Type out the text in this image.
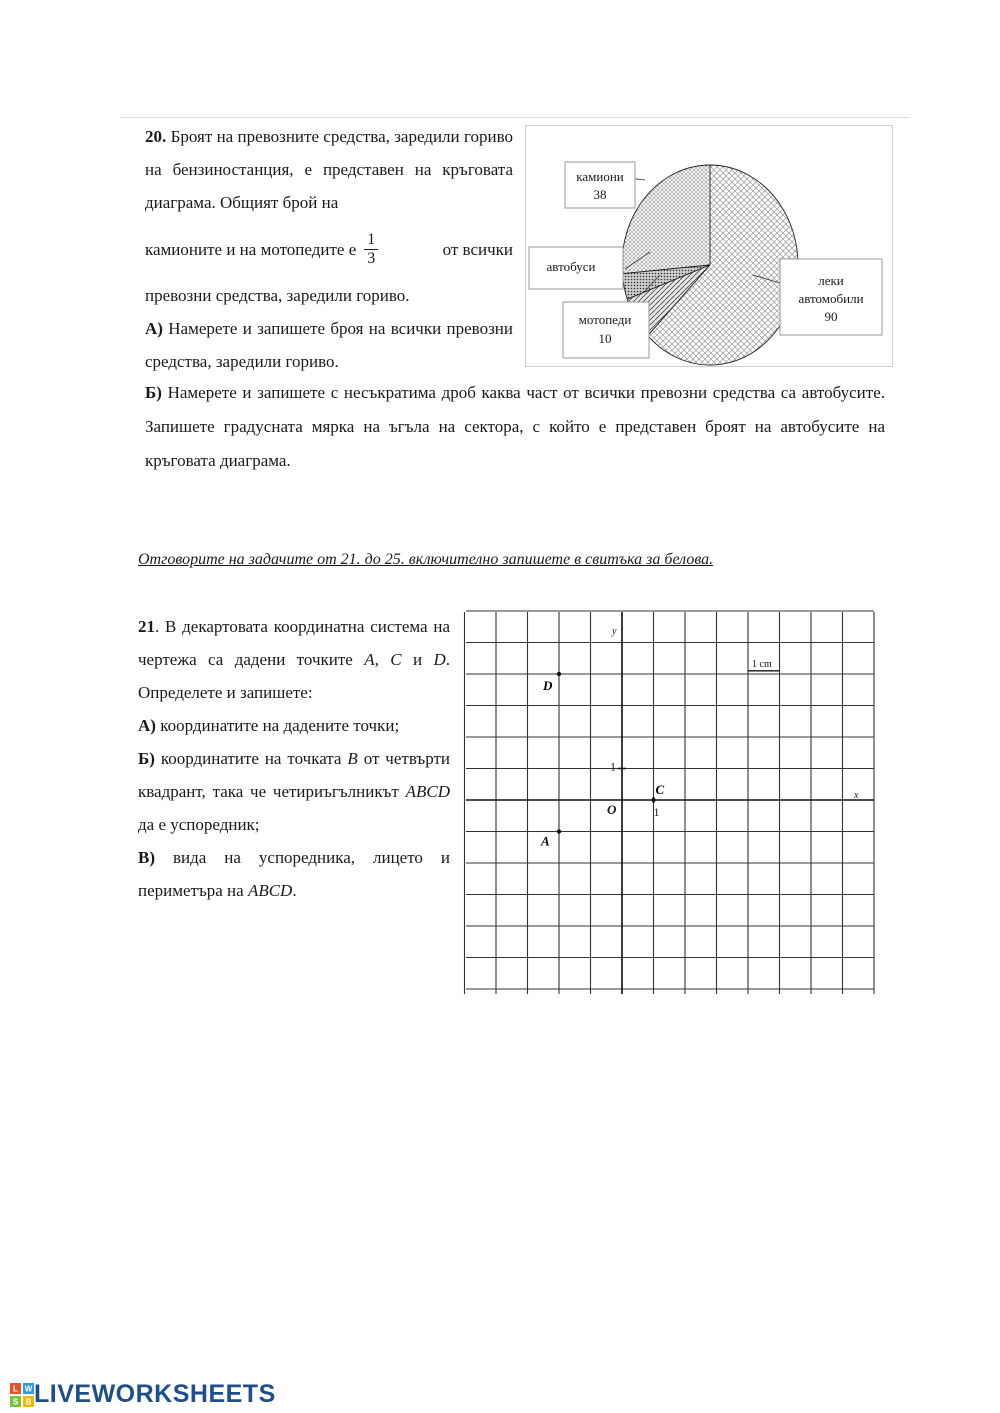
20. Броят на превозните средства, заредили гориво на бензиностанция, е представен на кръговата диаграма. Общият брой на
камионите и на мотопедите е $\frac{1}{3}$	от всички
превозни средства, заредили гориво.
А) Намерете и запишете броя на всички превозни средства, заредили гориво.
Б) Намерете и запишете с несъкратима дроб каква част от всички превозни средства са автобусите. Запишете градусната мярка на ъгъла на сектора, с който е представен броят на автобусите на кръговата диаграма.
камиони
38
автобуси
мотопеди
10
леки
автомобили
90
Отговорите на задачите от 21. до 25. включително запишете в свитъка за белова.
21. В декартовата координатна система на чертежа са дадени точките A, C и D. Определете и запишете:
А) координатите на дадените точки;
Б) координатите на точката B от четвърти квадрант, така че четириъгълникът ABCD да е успоредник;
В) вида на успоредника, лицето и периметъра на ABCD.
A
C
D
y
x
O	1
1
1 cm
L W
S B LIVEWORKSHEETS
